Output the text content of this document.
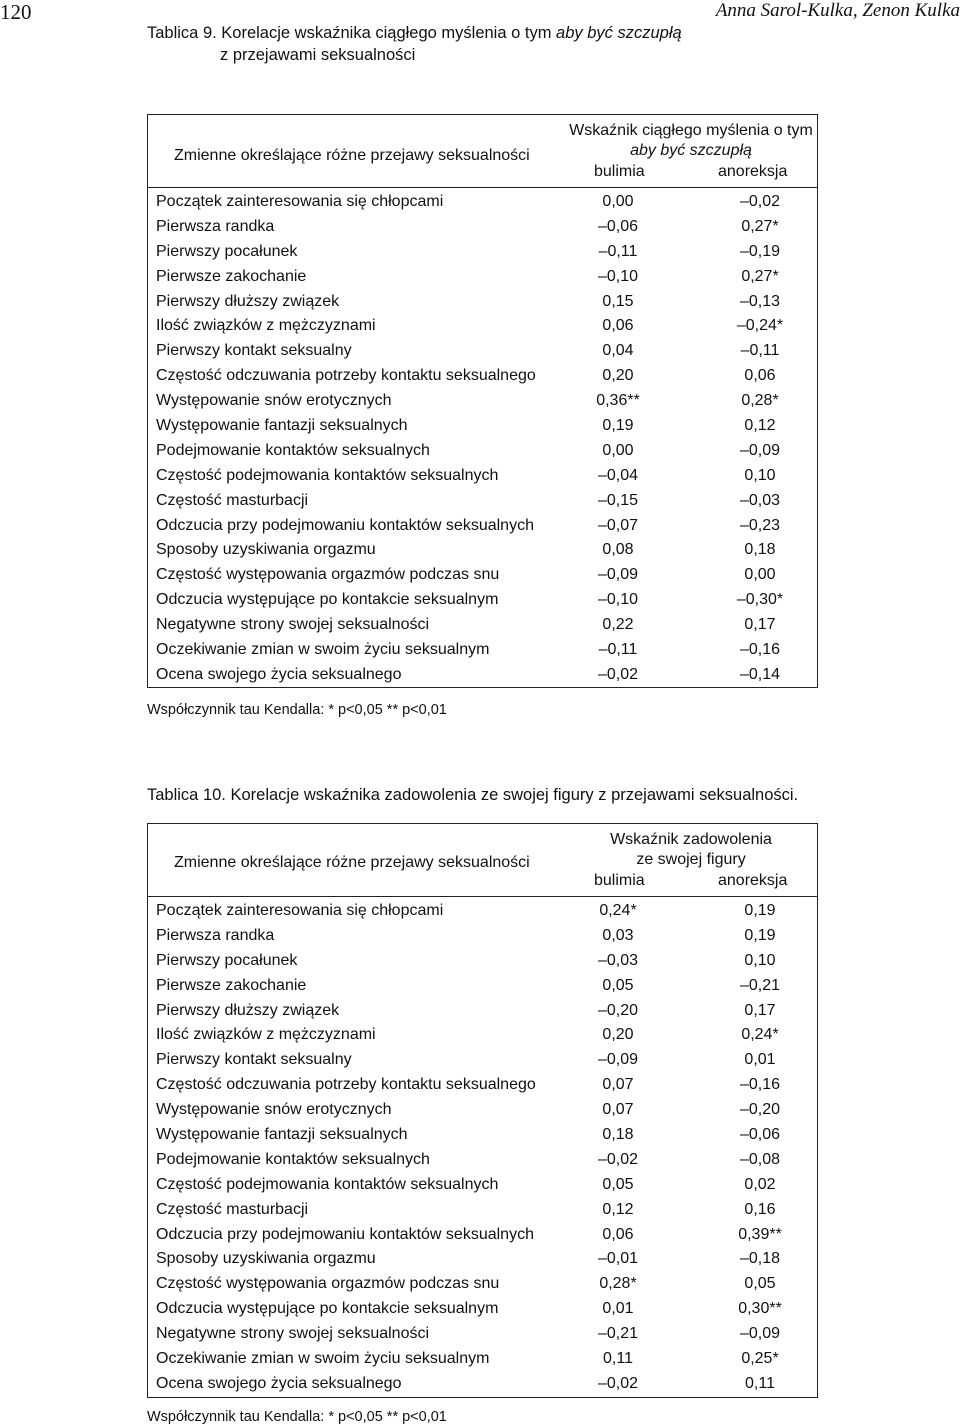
120	Anna Sarol-Kulka, Zenon Kulka
Tablica 9. Korelacje wskaźnika ciągłego myślenia o tym aby być szczupłą
z przejawami seksualności
Zmienne określające różne przejawy seksualności
Wskaźnik ciągłego myślenia o tym
aby być szczupłą
bulimia	anoreksja
Początek zainteresowania się chłopcami	0,00	–0,02
Pierwsza randka	–0,06	0,27*
Pierwszy pocałunek	–0,11	–0,19
Pierwsze zakochanie	–0,10	0,27*
Pierwszy dłuższy związek	0,15	–0,13
Ilość związków z mężczyznami	0,06	–0,24*
Pierwszy kontakt seksualny	0,04	–0,11
Częstość odczuwania potrzeby kontaktu seksualnego	0,20	0,06
Występowanie snów erotycznych	0,36**	0,28*
Występowanie fantazji seksualnych	0,19	0,12
Podejmowanie kontaktów seksualnych	0,00	–0,09
Częstość podejmowania kontaktów seksualnych	–0,04	0,10
Częstość masturbacji	–0,15	–0,03
Odczucia przy podejmowaniu kontaktów seksualnych	–0,07	–0,23
Sposoby uzyskiwania orgazmu	0,08	0,18
Częstość występowania orgazmów podczas snu	–0,09	0,00
Odczucia występujące po kontakcie seksualnym	–0,10	–0,30*
Negatywne strony swojej seksualności	0,22	0,17
Oczekiwanie zmian w swoim życiu seksualnym	–0,11	–0,16
Ocena swojego życia seksualnego	–0,02	–0,14
Współczynnik tau Kendalla: * p<0,05 ** p<0,01
Tablica 10. Korelacje wskaźnika zadowolenia ze swojej figury z przejawami seksualności.
Zmienne określające różne przejawy seksualności
Wskaźnik zadowolenia
ze swojej figury
bulimia	anoreksja
Początek zainteresowania się chłopcami	0,24*	0,19
Pierwsza randka	0,03	0,19
Pierwszy pocałunek	–0,03	0,10
Pierwsze zakochanie	0,05	–0,21
Pierwszy dłuższy związek	–0,20	0,17
Ilość związków z mężczyznami	0,20	0,24*
Pierwszy kontakt seksualny	–0,09	0,01
Częstość odczuwania potrzeby kontaktu seksualnego	0,07	–0,16
Występowanie snów erotycznych	0,07	–0,20
Występowanie fantazji seksualnych	0,18	–0,06
Podejmowanie kontaktów seksualnych	–0,02	–0,08
Częstość podejmowania kontaktów seksualnych	0,05	0,02
Częstość masturbacji	0,12	0,16
Odczucia przy podejmowaniu kontaktów seksualnych	0,06	0,39**
Sposoby uzyskiwania orgazmu	–0,01	–0,18
Częstość występowania orgazmów podczas snu	0,28*	0,05
Odczucia występujące po kontakcie seksualnym	0,01	0,30**
Negatywne strony swojej seksualności	–0,21	–0,09
Oczekiwanie zmian w swoim życiu seksualnym	0,11	0,25*
Ocena swojego życia seksualnego	–0,02	0,11
Współczynnik tau Kendalla: * p<0,05 ** p<0,01
